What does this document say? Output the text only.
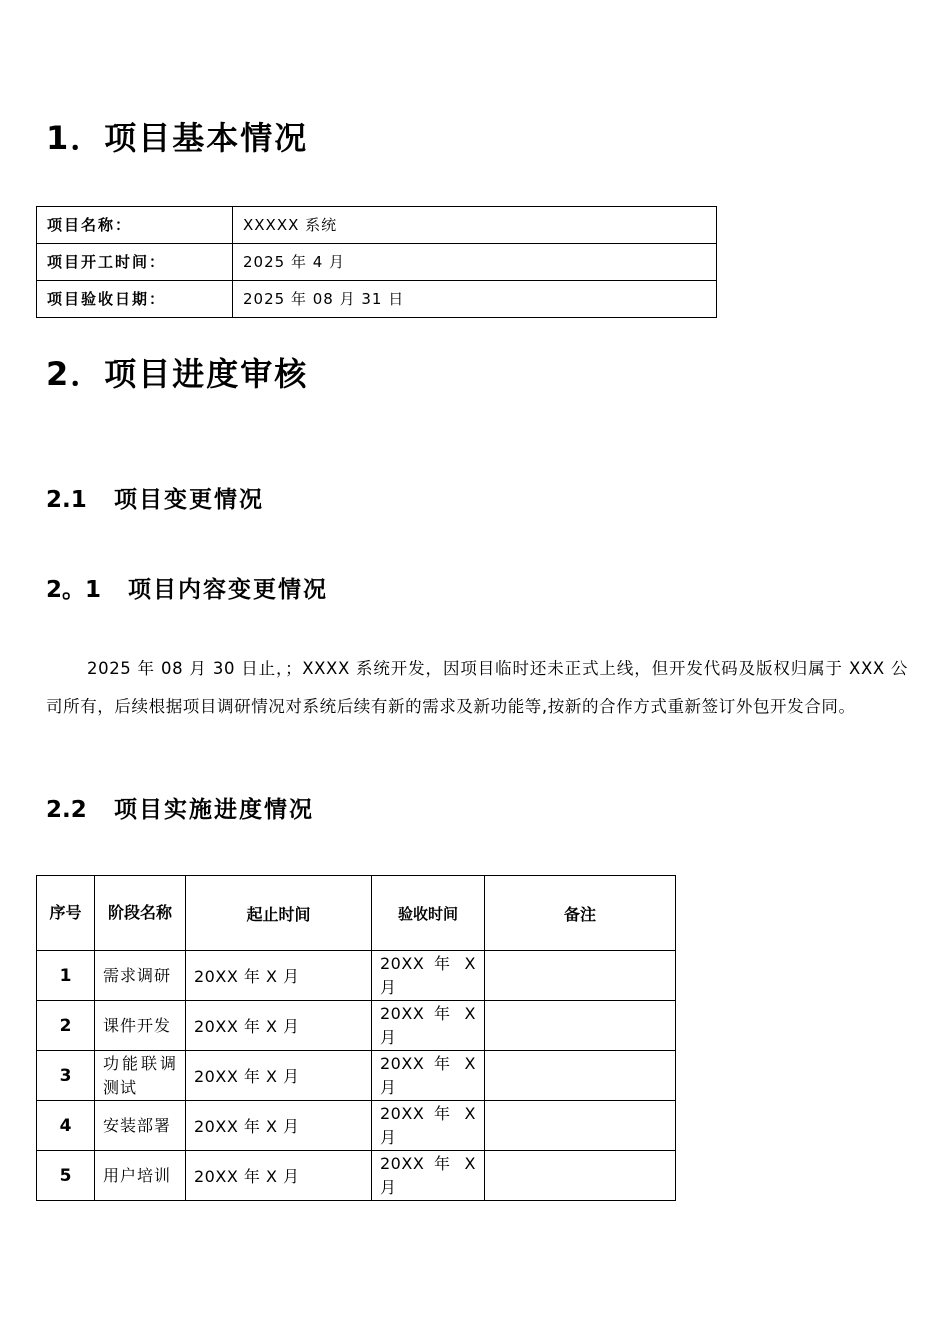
1．项目基本情况
项目名称：	XXXXX 系统
项目开工时间：	2025 年 4 月
项目验收日期：	2025 年 08 月 31 日
2．项目进度审核
2.1 项目变更情况
2。1 项目内容变更情况

2025 年 08 月 30 日止，；XXXX 系统开发，因项目临时还未正式上线，但开发代码及版权归属于 XXX 公司所有，后续根据项目调研情况对系统后续有新的需求及新功能等,按新的合作方式重新签订外包开发合同。

2.2 项目实施进度情况
序号	阶段名称	起止时间	验收时间	备注
1	需求调研	20XX 年 X 月	20XX 年 X 月	
2	课件开发	20XX 年 X 月	20XX 年 X 月	
3	功能联调测试	20XX 年 X 月	20XX 年 X 月	
4	安装部署	20XX 年 X 月	20XX 年 X 月	
5	用户培训	20XX 年 X 月	20XX 年 X 月	
